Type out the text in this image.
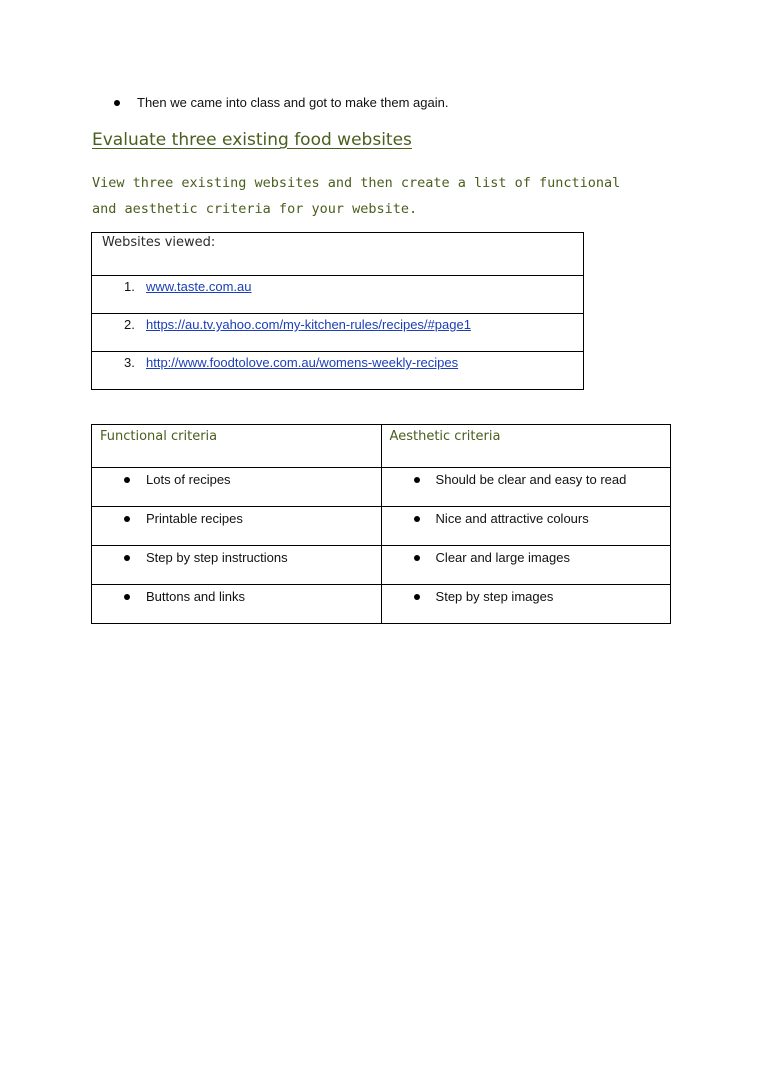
Then we came into class and got to make them again.
Evaluate three existing food websites

View three existing websites and then create a list of functional and aesthetic criteria for your website.

Websites viewed:

1. www.taste.com.au

2. https://au.tv.yahoo.com/my-kitchen-rules/recipes/#page1

3. http://www.foodtolove.com.au/womens-weekly-recipes
Functional criteria	Aesthetic criteria

Lots of recipes	Should be clear and easy to read

Printable recipes	Nice and attractive colours

Step by step instructions	Clear and large images

Buttons and links	Step by step images
